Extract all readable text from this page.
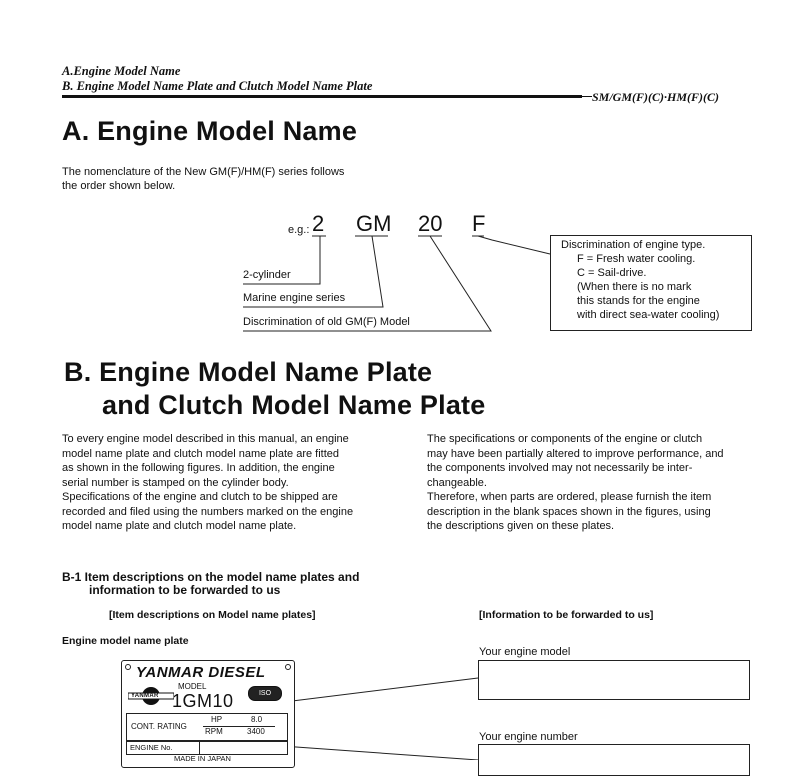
A.Engine Model Name
B. Engine Model Name Plate and Clutch Model Name Plate
SM/GM(F)(C)·HM(F)(C)
A. Engine Model Name
The nomenclature of the New GM(F)/HM(F) series follows
the order shown below.
e.g.: 2 GM 20 F
2-cylinder
Marine engine series
Discrimination of old GM(F) Model
Discrimination of engine type.
F = Fresh water cooling.
C = Sail-drive.
(When there is no mark
this stands for the engine
with direct sea-water cooling)
B. Engine Model Name Plate
and Clutch Model Name Plate
To every engine model described in this manual, an engine
model name plate and clutch model name plate are fitted
as shown in the following figures. In addition, the engine
serial number is stamped on the cylinder body.
Specifications of the engine and clutch to be shipped are
recorded and filed using the numbers marked on the engine
model name plate and clutch model name plate.
The specifications or components of the engine or clutch
may have been partially altered to improve performance, and
the components involved may not necessarily be inter-
changeable.
Therefore, when parts are ordered, please furnish the item
description in the blank spaces shown in the figures, using
the descriptions given on these plates.
B-1 Item descriptions on the model name plates and
information to be forwarded to us
[Item descriptions on Model name plates]	[Information to be forwarded to us]
Engine model name plate
Your engine model
Your engine number
YANMAR DIESEL
YANMAR
MODEL
1GM10	ISO
CONT. RATING
HP
RPM
8.0
3400
ENGINE No.
MADE IN JAPAN
